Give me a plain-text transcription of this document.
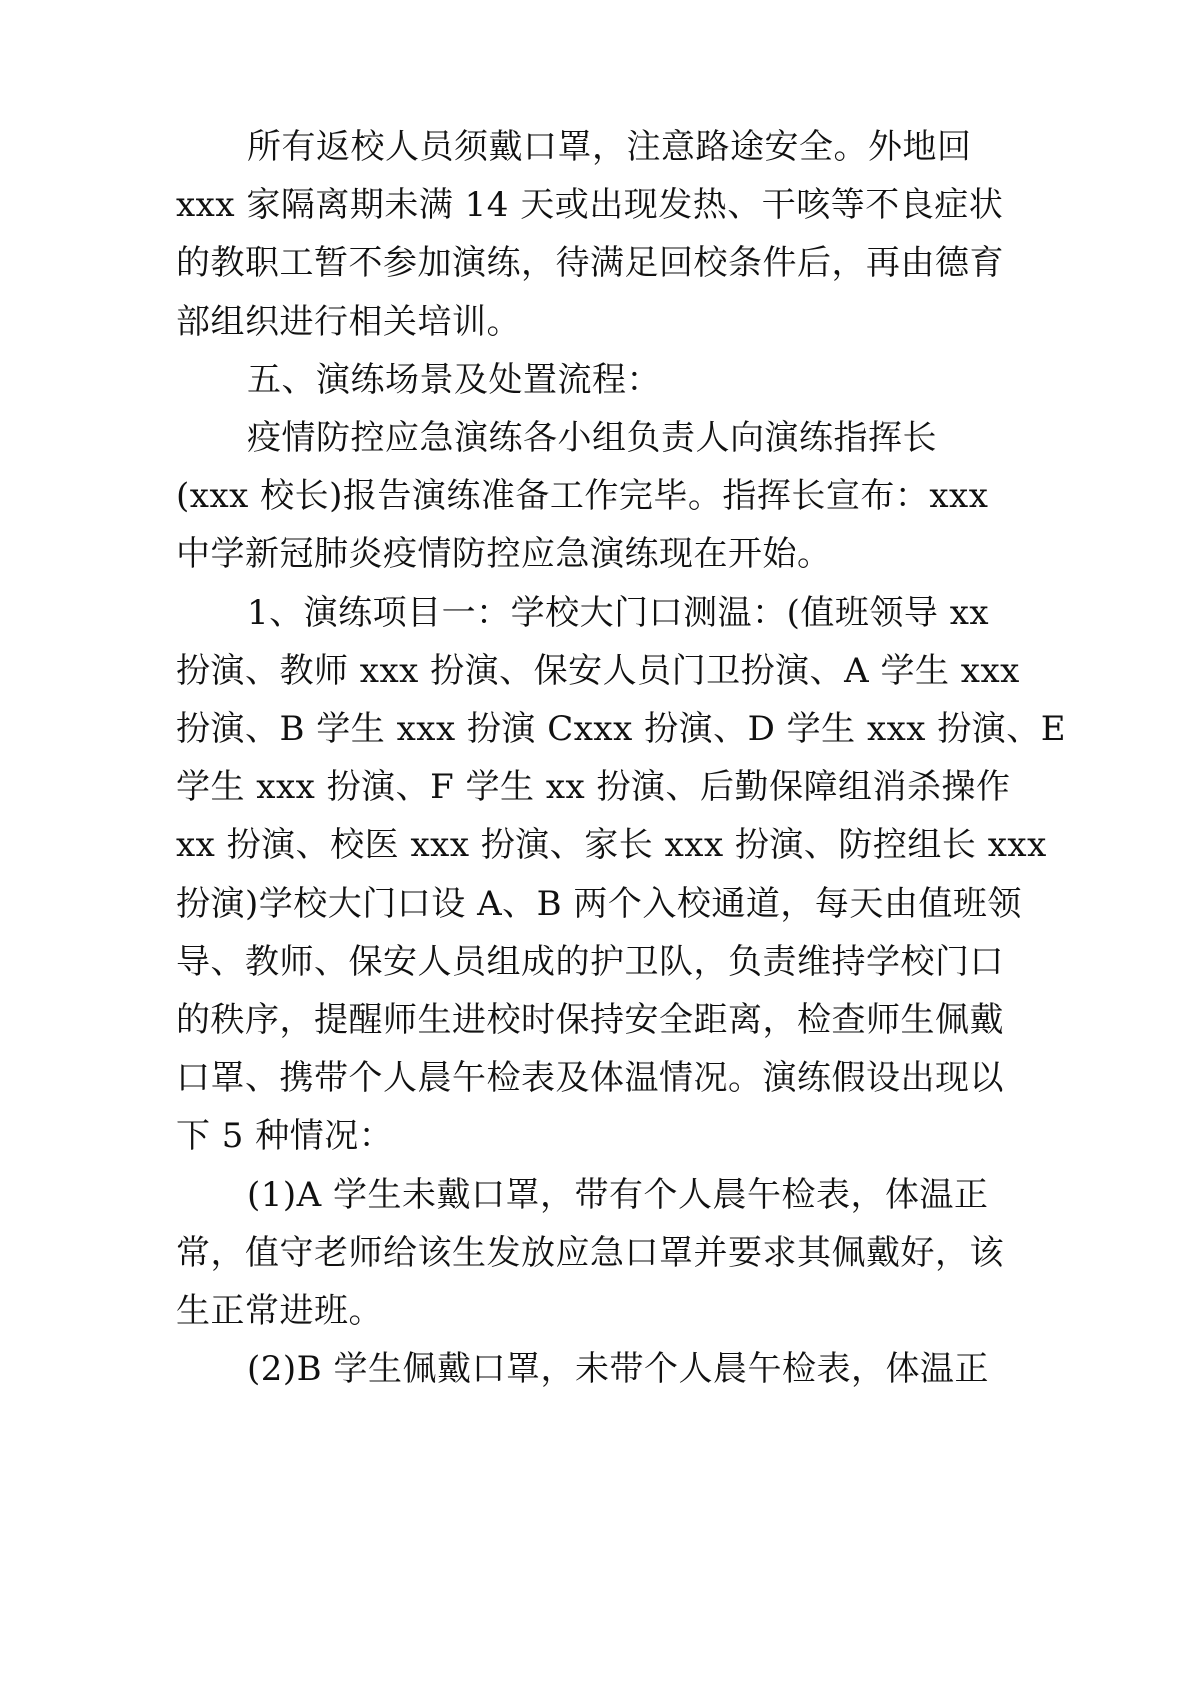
所有返校人员须戴口罩，注意路途安全。外地回
xxx 家隔离期未满 14 天或出现发热、干咳等不良症状
的教职工暂不参加演练，待满足回校条件后，再由德育
部组织进行相关培训。
五、演练场景及处置流程：
疫情防控应急演练各小组负责人向演练指挥长
(xxx 校长)报告演练准备工作完毕。指挥长宣布：xxx
中学新冠肺炎疫情防控应急演练现在开始。
1、演练项目一：学校大门口测温：(值班领导 xx
扮演、教师 xxx 扮演、保安人员门卫扮演、A 学生 xxx
扮演、B 学生 xxx 扮演 Cxxx 扮演、D 学生 xxx 扮演、E
学生 xxx 扮演、F 学生 xx 扮演、后勤保障组消杀操作
xx 扮演、校医 xxx 扮演、家长 xxx 扮演、防控组长 xxx
扮演)学校大门口设 A、B 两个入校通道，每天由值班领
导、教师、保安人员组成的护卫队，负责维持学校门口
的秩序，提醒师生进校时保持安全距离，检查师生佩戴
口罩、携带个人晨午检表及体温情况。演练假设出现以
下 5 种情况：
(1)A 学生未戴口罩，带有个人晨午检表，体温正
常，值守老师给该生发放应急口罩并要求其佩戴好，该
生正常进班。
(2)B 学生佩戴口罩，未带个人晨午检表，体温正
